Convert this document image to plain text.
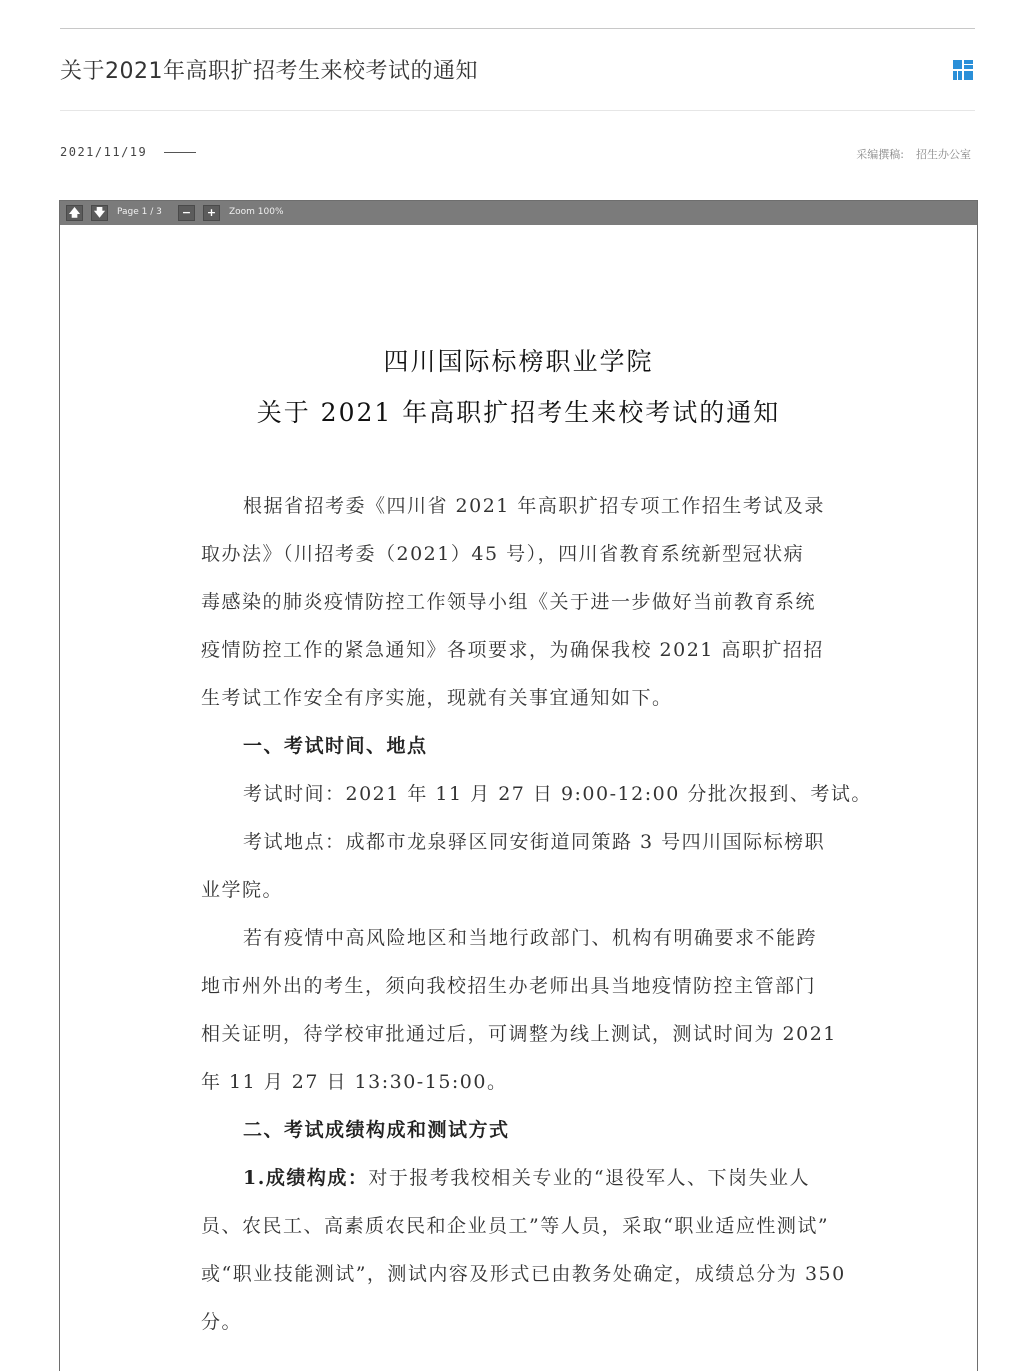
关于2021年高职扩招考生来校考试的通知
2021/11/19	采编撰稿: 招生办公室
🡅 🡇	Page 1 / 3	−	+	Zoom 100%
四川国际标榜职业学院
关于 2021 年高职扩招考生来校考试的通知
根据省招考委《四川省 2021 年高职扩招专项工作招生考试及录
取办法》（川招考委（2021）45 号），四川省教育系统新型冠状病
毒感染的肺炎疫情防控工作领导小组《关于进一步做好当前教育系统
疫情防控工作的紧急通知》各项要求，为确保我校 2021 高职扩招招
生考试工作安全有序实施，现就有关事宜通知如下。
一、考试时间、地点
考试时间：2021 年 11 月 27 日 9:00-12:00 分批次报到、考试。
考试地点：成都市龙泉驿区同安街道同策路 3 号四川国际标榜职
业学院。
若有疫情中高风险地区和当地行政部门、机构有明确要求不能跨
地市州外出的考生，须向我校招生办老师出具当地疫情防控主管部门
相关证明，待学校审批通过后，可调整为线上测试，测试时间为 2021
年 11 月 27 日 13:30-15:00。
二、考试成绩构成和测试方式
1.成绩构成：对于报考我校相关专业的“退役军人、下岗失业人
员、农民工、高素质农民和企业员工”等人员，采取“职业适应性测试”
或“职业技能测试”，测试内容及形式已由教务处确定，成绩总分为 350
分。
